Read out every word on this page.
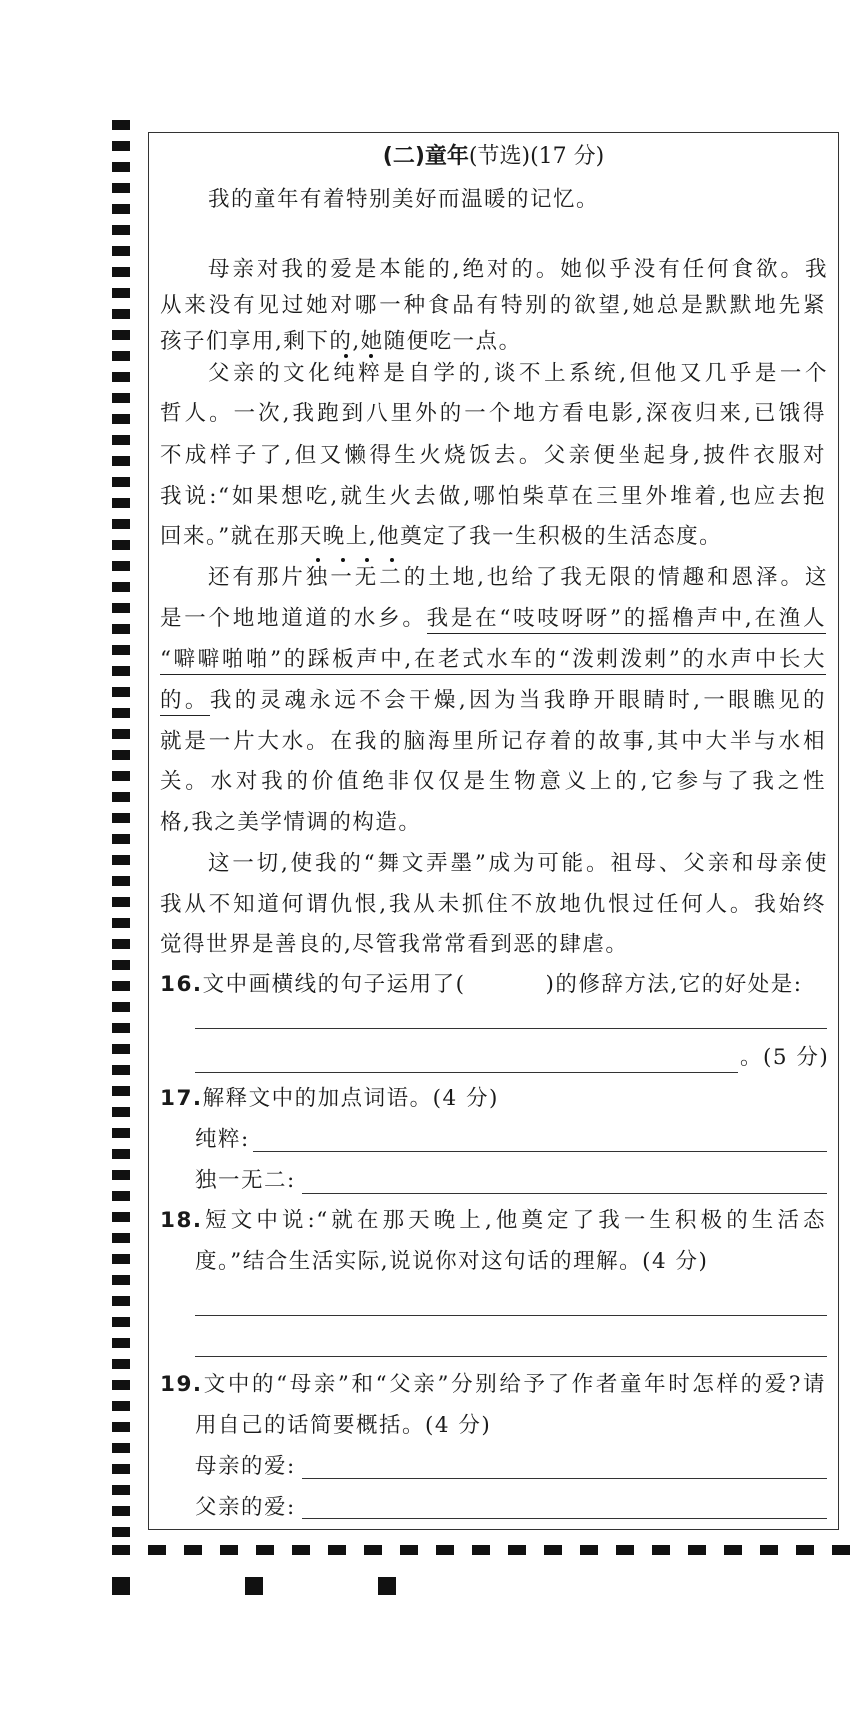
(二)童年(节选)(17 分)
我的童年有着特别美好而温暖的记忆。
母亲对我的爱是本能的,绝对的。她似乎没有任何食欲。我
从来没有见过她对哪一种食品有特别的欲望,她总是默默地先紧
孩子们享用,剩下的,她随便吃一点。
父亲的文化纯粹是自学的,谈不上系统,但他又几乎是一个
哲人。一次,我跑到八里外的一个地方看电影,深夜归来,已饿得
不成样子了,但又懒得生火烧饭去。父亲便坐起身,披件衣服对
我说:“如果想吃,就生火去做,哪怕柴草在三里外堆着,也应去抱
回来。”就在那天晚上,他奠定了我一生积极的生活态度。
还有那片独一无二的土地,也给了我无限的情趣和恩泽。这
是一个地地道道的水乡。我是在“吱吱呀呀”的摇橹声中,在渔人
“噼噼啪啪”的踩板声中,在老式水车的“泼剌泼剌”的水声中长大
的。我的灵魂永远不会干燥,因为当我睁开眼睛时,一眼瞧见的
就是一片大水。在我的脑海里所记存着的故事,其中大半与水相
关。水对我的价值绝非仅仅是生物意义上的,它参与了我之性
格,我之美学情调的构造。
这一切,使我的“舞文弄墨”成为可能。祖母、父亲和母亲使
我从不知道何谓仇恨,我从未抓住不放地仇恨过任何人。我始终
觉得世界是善良的,尽管我常常看到恶的肆虐。
16.文中画横线的句子运用了(	)的修辞方法,它的好处是:
。(5 分)
17.解释文中的加点词语。(4 分)
纯粹:
独一无二:
18.短文中说:“就在那天晚上,他奠定了我一生积极的生活态
度。”结合生活实际,说说你对这句话的理解。(4 分)
19.文中的“母亲”和“父亲”分别给予了作者童年时怎样的爱?请
用自己的话简要概括。(4 分)
母亲的爱:
父亲的爱:
